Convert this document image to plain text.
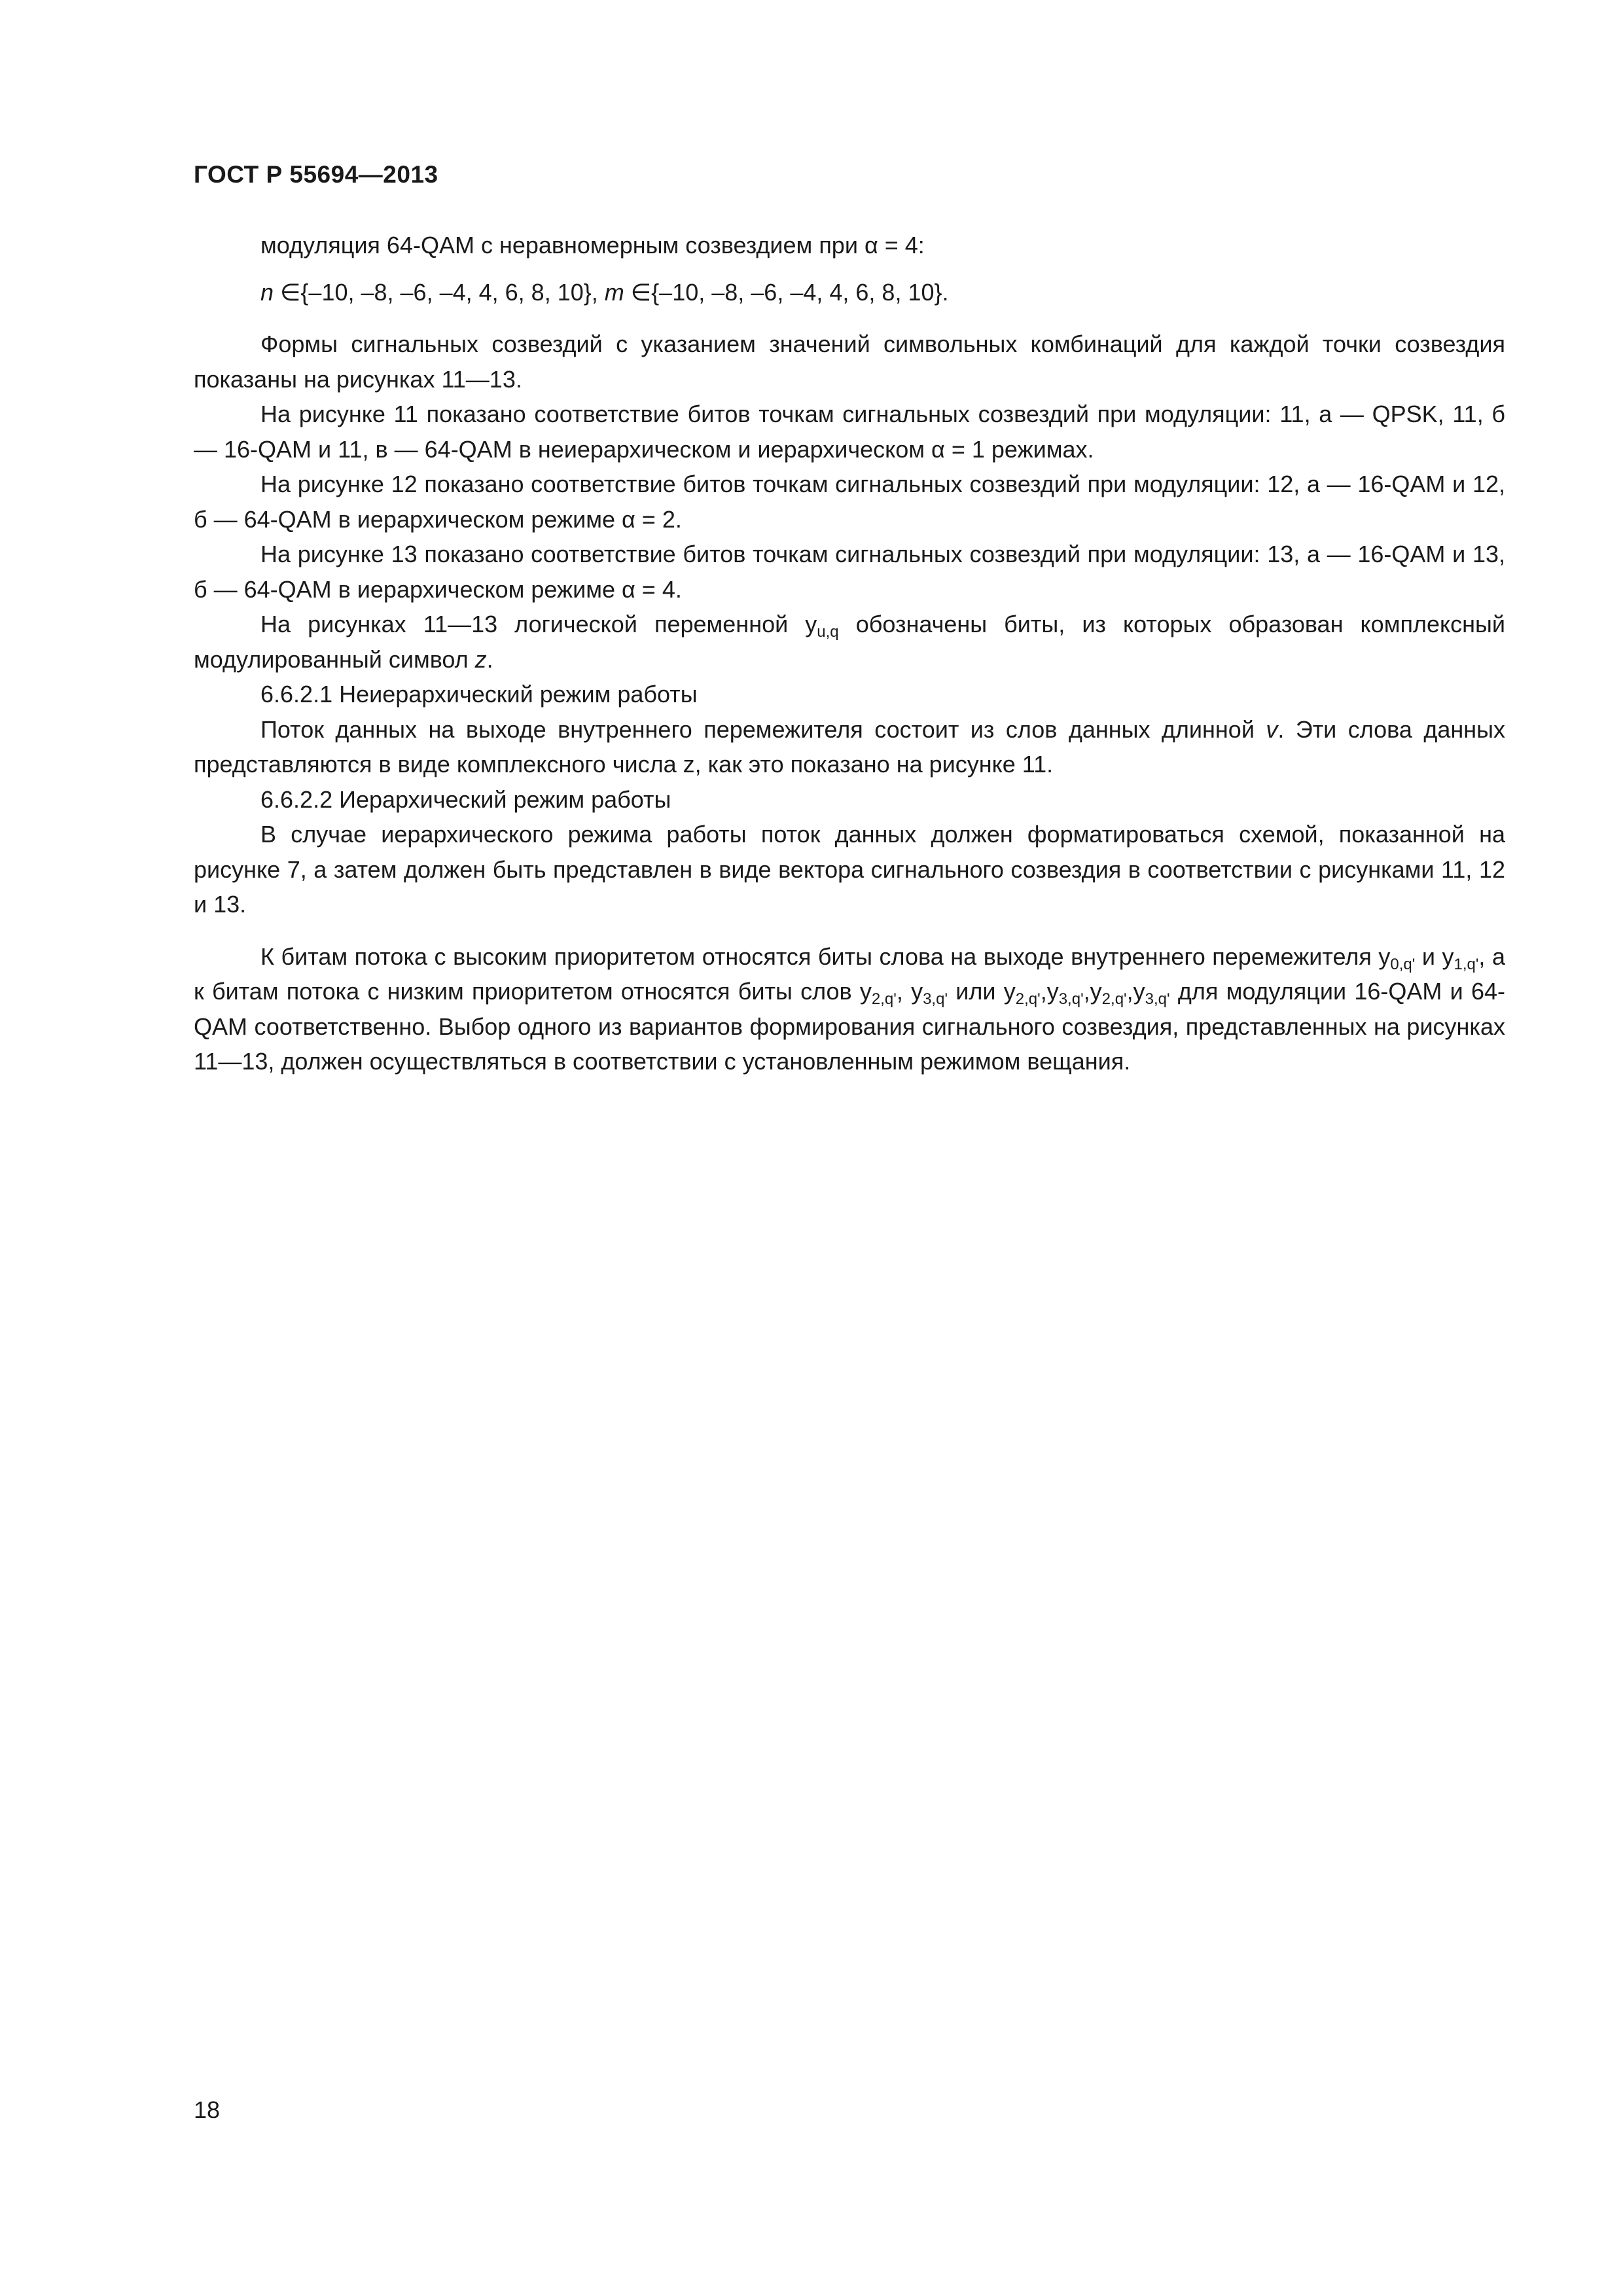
ГОСТ Р 55694—2013

модуляция 64-QAM с неравномерным созвездием при α = 4:

n ∈{–10, –8, –6, –4, 4, 6, 8, 10}, m ∈{–10, –8, –6, –4, 4, 6, 8, 10}.

Формы сигнальных созвездий с указанием значений символьных комбинаций для каждой точки созвездия показаны на рисунках 11—13.

На рисунке 11 показано соответствие битов точкам сигнальных созвездий при модуляции: 11, а — QPSK, 11, б — 16-QAM и 11, в — 64-QAM в неиерархическом и иерархическом α = 1 режимах.

На рисунке 12 показано соответствие битов точкам сигнальных созвездий при модуляции: 12, а — 16-QAM и 12, б — 64-QAM в иерархическом режиме α = 2.

На рисунке 13 показано соответствие битов точкам сигнальных созвездий при модуляции: 13, а — 16-QAM и 13, б — 64-QAM в иерархическом режиме α = 4.

На рисунках 11—13 логической переменной $y_{u,q}$ обозначены биты, из которых образован комплексный модулированный символ z.

6.6.2.1 Неиерархический режим работы

Поток данных на выходе внутреннего перемежителя состоит из слов данных длинной v. Эти слова данных представляются в виде комплексного числа z, как это показано на рисунке 11.

6.6.2.2 Иерархический режим работы

В случае иерархического режима работы поток данных должен форматироваться схемой, показанной на рисунке 7, а затем должен быть представлен в виде вектора сигнального созвездия в соответствии с рисунками 11, 12 и 13.

К битам потока с высоким приоритетом относятся биты слова на выходе внутреннего перемежителя $y_{0,q'}$ и $y_{1,q'}$, а к битам потока с низким приоритетом относятся биты слов $y_{2,q'}$, $y_{3,q'}$ или $y_{2,q'},y_{3,q'},y_{2,q'},y_{3,q'}$ для модуляции 16-QAM и 64-QAM соответственно. Выбор одного из вариантов формирования сигнального созвездия, представленных на рисунках 11—13, должен осуществляться в соответствии с установленным режимом вещания.

18
